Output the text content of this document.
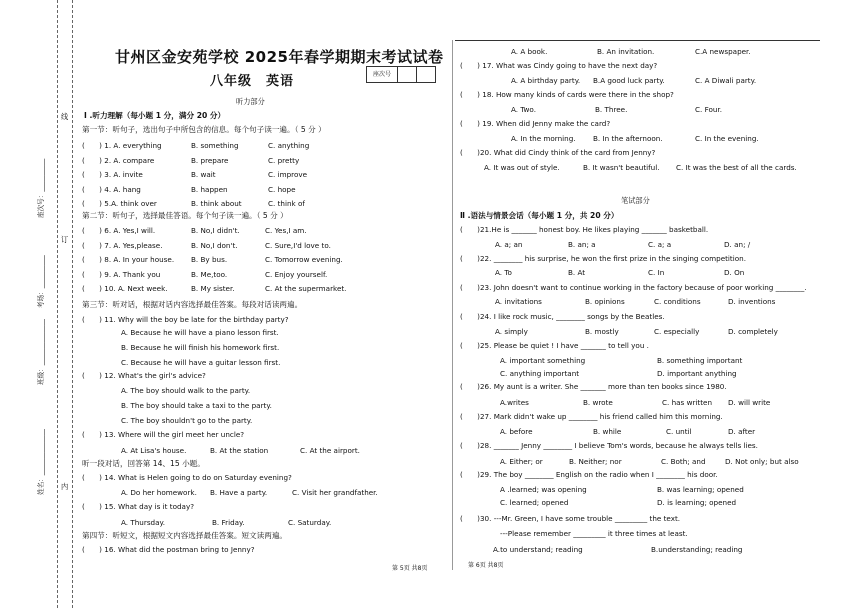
姓名：______________
班级：______________
考场：__________
座次号：__________
线
订
内
甘州区金安苑学校 2025年春学期期末考试试卷
八年级　英语	座次号
听力部分
Ⅰ .听力理解（每小题 1 分，满分 20 分）
第一节：听句子，选出句子中所包含的信息。每个句子读一遍。（ 5 分 ）
(　　) 1. A. everything	B. something	C. anything
(　　) 2. A. compare	B. prepare	C. pretty
(　　) 3. A. invite	B. wait	C. improve
(　　) 4. A. hang	B. happen	C. hope
(　　) 5.A. think over	B. think about	C. think of
第二节：听句子，选择最佳答语。每个句子读一遍。（ 5 分 ）
(　　) 6. A. Yes,I will.	B. No,I didn't.	C. Yes,I am.
(　　) 7. A. Yes,please.	B. No,I don't.	C. Sure,I'd love to.
(　　) 8. A. In your house. B. By bus.	C. Tomorrow evening.
(　　) 9. A. Thank you	B. Me,too.	C. Enjoy yourself.
(　　) 10. A. Next week.	B. My sister.	C. At the supermarket.
第三节：听对话，根据对话内容选择最佳答案。每段对话读两遍。
(　　) 11. Why will the boy be late for the birthday party?
A. Because he will have a piano lesson first.
B. Because he will finish his homework first.
C. Because he will have a guitar lesson first.
(　　) 12. What's the girl's advice?
A. The boy should walk to the party.
B. The boy should take a taxi to the party.
C. The boy shouldn't go to the party.
(　　) 13. Where will the girl meet her uncle?
A. At Lisa's house.	B. At the station	C. At the airport.
听一段对话，回答第 14、15 小题。
(　　) 14. What is Helen going to do on Saturday evening?
A. Do her homework. B. Have a party.	C. Visit her grandfather.
(　　) 15. What day is it today?
A. Thursday.	B. Friday.	C. Saturday.
第四节：听短文，根据短文内容选择最佳答案。短文读两遍。
(　　) 16. What did the postman bring to Jenny?
第 5页 共8页
A. A book.	B. An invitation.	C.A newspaper.
(　　) 17. What was Cindy going to have the next day?
A. A birthday party. B.A good luck party.	C. A Diwali party.
(　　) 18. How many kinds of cards were there in the shop?
A. Two.	B. Three.	C. Four.
(　　) 19. When did Jenny make the card?
A. In the morning. B. In the afternoon.	C. In the evening.
(　　)20. What did Cindy think of the card from Jenny?
A. It was out of style.	B. It wasn't beautiful. C. It was the best of all the cards.
笔试部分
Ⅱ .语法与情景会话（每小题 1 分，共 20 分）
(　　)21.He is _______ honest boy. He likes playing _______ basketball.
A. a; an	B. an; a	C. a; a	D. an; /
(　　)22. ________ his surprise, he won the first prize in the singing competition.
A. To	B. At	C. In	D. On
(　　)23. John doesn't want to continue working in the factory because of poor working ________.
A. invitations	B. opinions	C. conditions	D. inventions
(　　)24. I like rock music, ________ songs by the Beatles.
A. simply	B. mostly	C. especially	D. completely
(　　)25. Please be quiet ! I have _______ to tell you .
A. important something	B. something important
C. anything important	D. important anything
(　　)26. My aunt is a writer. She _______ more than ten books since 1980.
A.writes	B. wrote	C. has written D. will write
(　　)27. Mark didn't wake up ________ his friend called him this morning.
A. before	B. while	C. until	D. after
(　　)28. _______ Jenny ________ I believe Tom's words, because he always tells lies.
A. Either; or	B. Neither; nor	C. Both; and	D. Not only; but also
(　　)29. The boy ________ English on the radio when I ________ his door.
A .learned; was opening	B. was learning; opened
C. learned; opened	D. is learning; opened
(　　)30. ---Mr. Green, I have some trouble _________ the text.
---Please remember _________ it three times at least.
A.to understand; reading	B.understanding; reading
第 6页 共8页
